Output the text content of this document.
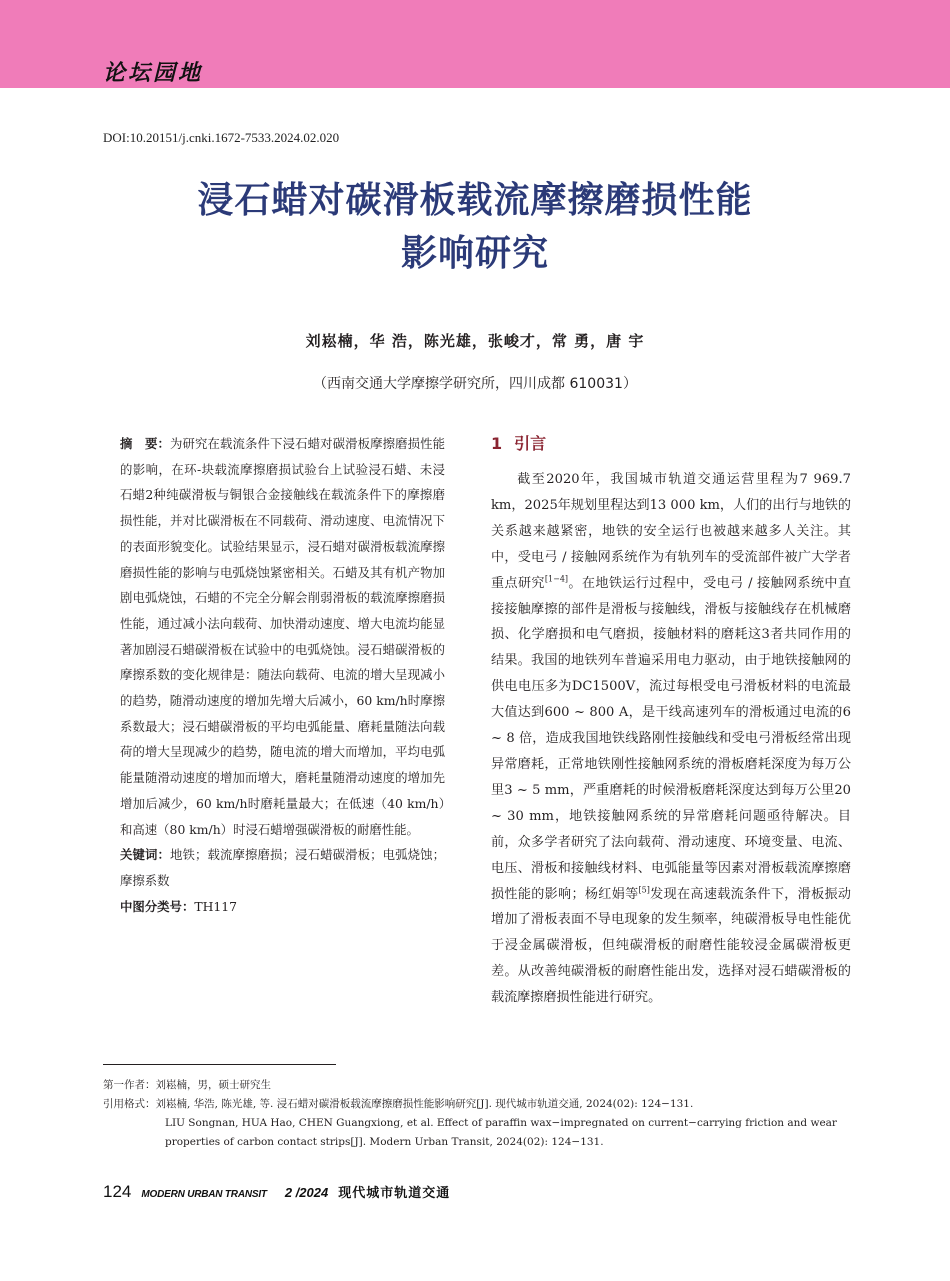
论坛园地
DOI:10.20151/j.cnki.1672-7533.2024.02.020
浸石蜡对碳滑板载流摩擦磨损性能
影响研究
刘崧楠，华 浩，陈光雄，张峻才，常 勇，唐 宇
（西南交通大学摩擦学研究所，四川成都 610031）

摘　要：为研究在载流条件下浸石蜡对碳滑板摩擦磨损性能的影响，在环-块载流摩擦磨损试验台上试验浸石蜡、未浸石蜡2种纯碳滑板与铜银合金接触线在载流条件下的摩擦磨损性能，并对比碳滑板在不同载荷、滑动速度、电流情况下的表面形貌变化。试验结果显示，浸石蜡对碳滑板载流摩擦磨损性能的影响与电弧烧蚀紧密相关。石蜡及其有机产物加剧电弧烧蚀，石蜡的不完全分解会削弱滑板的载流摩擦磨损性能，通过减小法向载荷、加快滑动速度、增大电流均能显著加剧浸石蜡碳滑板在试验中的电弧烧蚀。浸石蜡碳滑板的摩擦系数的变化规律是：随法向载荷、电流的增大呈现减小的趋势，随滑动速度的增加先增大后减小，60 km/h时摩擦系数最大；浸石蜡碳滑板的平均电弧能量、磨耗量随法向载荷的增大呈现减少的趋势，随电流的增大而增加，平均电弧能量随滑动速度的增加而增大，磨耗量随滑动速度的增加先增加后减少，60 km/h时磨耗量最大；在低速（40 km/h）和高速（80 km/h）时浸石蜡增强碳滑板的耐磨性能。

关键词：地铁；载流摩擦磨损；浸石蜡碳滑板；电弧烧蚀；摩擦系数

中图分类号：TH117

1 引言

截至2020年，我国城市轨道交通运营里程为7 969.7 km，2025年规划里程达到13 000 km，人们的出行与地铁的关系越来越紧密，地铁的安全运行也被越来越多人关注。其中，受电弓 / 接触网系统作为有轨列车的受流部件被广大学者重点研究[1−4]。在地铁运行过程中，受电弓 / 接触网系统中直接接触摩擦的部件是滑板与接触线，滑板与接触线存在机械磨损、化学磨损和电气磨损，接触材料的磨耗这3者共同作用的结果。我国的地铁列车普遍采用电力驱动，由于地铁接触网的供电电压多为DC1500V，流过每根受电弓滑板材料的电流最大值达到600 ~ 800 A，是干线高速列车的滑板通过电流的6 ~ 8 倍，造成我国地铁线路刚性接触线和受电弓滑板经常出现异常磨耗，正常地铁刚性接触网系统的滑板磨耗深度为每万公里3 ~ 5 mm，严重磨耗的时候滑板磨耗深度达到每万公里20 ~ 30 mm，地铁接触网系统的异常磨耗问题亟待解决。目前，众多学者研究了法向载荷、滑动速度、环境变量、电流、电压、滑板和接触线材料、电弧能量等因素对滑板载流摩擦磨损性能的影响；杨红娟等[5]发现在高速载流条件下，滑板振动增加了滑板表面不导电现象的发生频率，纯碳滑板导电性能优于浸金属碳滑板，但纯碳滑板的耐磨性能较浸金属碳滑板更差。从改善纯碳滑板的耐磨性能出发，选择对浸石蜡碳滑板的载流摩擦磨损性能进行研究。

第一作者： 刘崧楠，男，硕士研究生
引用格式： 刘崧楠, 华浩, 陈光雄, 等. 浸石蜡对碳滑板载流摩擦磨损性能影响研究[J]. 现代城市轨道交通, 2024(02): 124−131.
LIU Songnan, HUA Hao, CHEN Guangxiong, et al. Effect of paraffin wax−impregnated on current−carrying friction and wear properties of carbon contact strips[J]. Modern Urban Transit, 2024(02): 124−131.
124 MODERN URBAN TRANSIT 2 /2024 现代城市轨道交通
